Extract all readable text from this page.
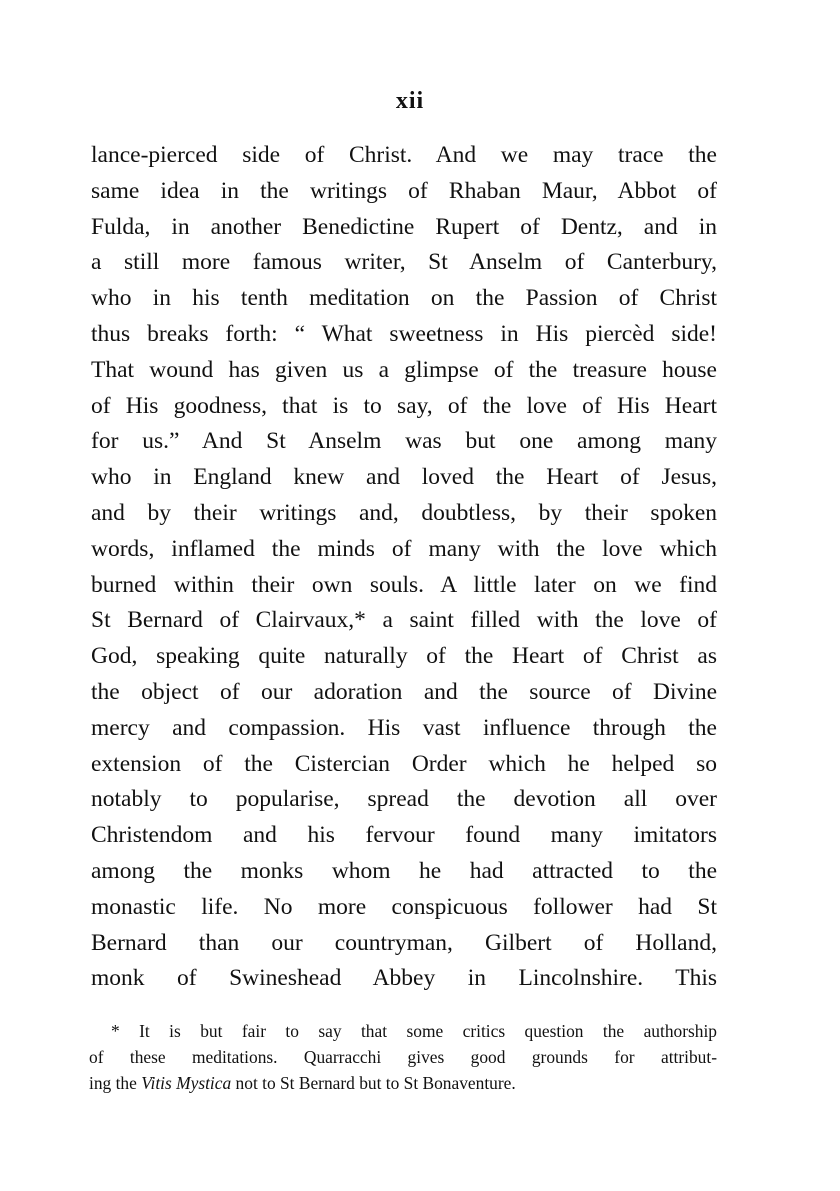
xii
lance-pierced side of Christ. And we may trace the
same idea in the writings of Rhaban Maur, Abbot of
Fulda, in another Benedictine Rupert of Dentz, and in
a still more famous writer, St Anselm of Canterbury,
who in his tenth meditation on the Passion of Christ
thus breaks forth: “ What sweetness in His piercèd side!
That wound has given us a glimpse of the treasure house
of His goodness, that is to say, of the love of His Heart
for us.” And St Anselm was but one among many
who in England knew and loved the Heart of Jesus,
and by their writings and, doubtless, by their spoken
words, inflamed the minds of many with the love which
burned within their own souls. A little later on we find
St Bernard of Clairvaux,* a saint filled with the love of
God, speaking quite naturally of the Heart of Christ as
the object of our adoration and the source of Divine
mercy and compassion. His vast influence through the
extension of the Cistercian Order which he helped so
notably to popularise, spread the devotion all over
Christendom and his fervour found many imitators
among the monks whom he had attracted to the
monastic life. No more conspicuous follower had St
Bernard than our countryman, Gilbert of Holland,
monk of Swineshead Abbey in Lincolnshire. This
* It is but fair to say that some critics question the authorship
of these meditations. Quarracchi gives good grounds for attribut-
ing the Vitis Mystica not to St Bernard but to St Bonaventure.
